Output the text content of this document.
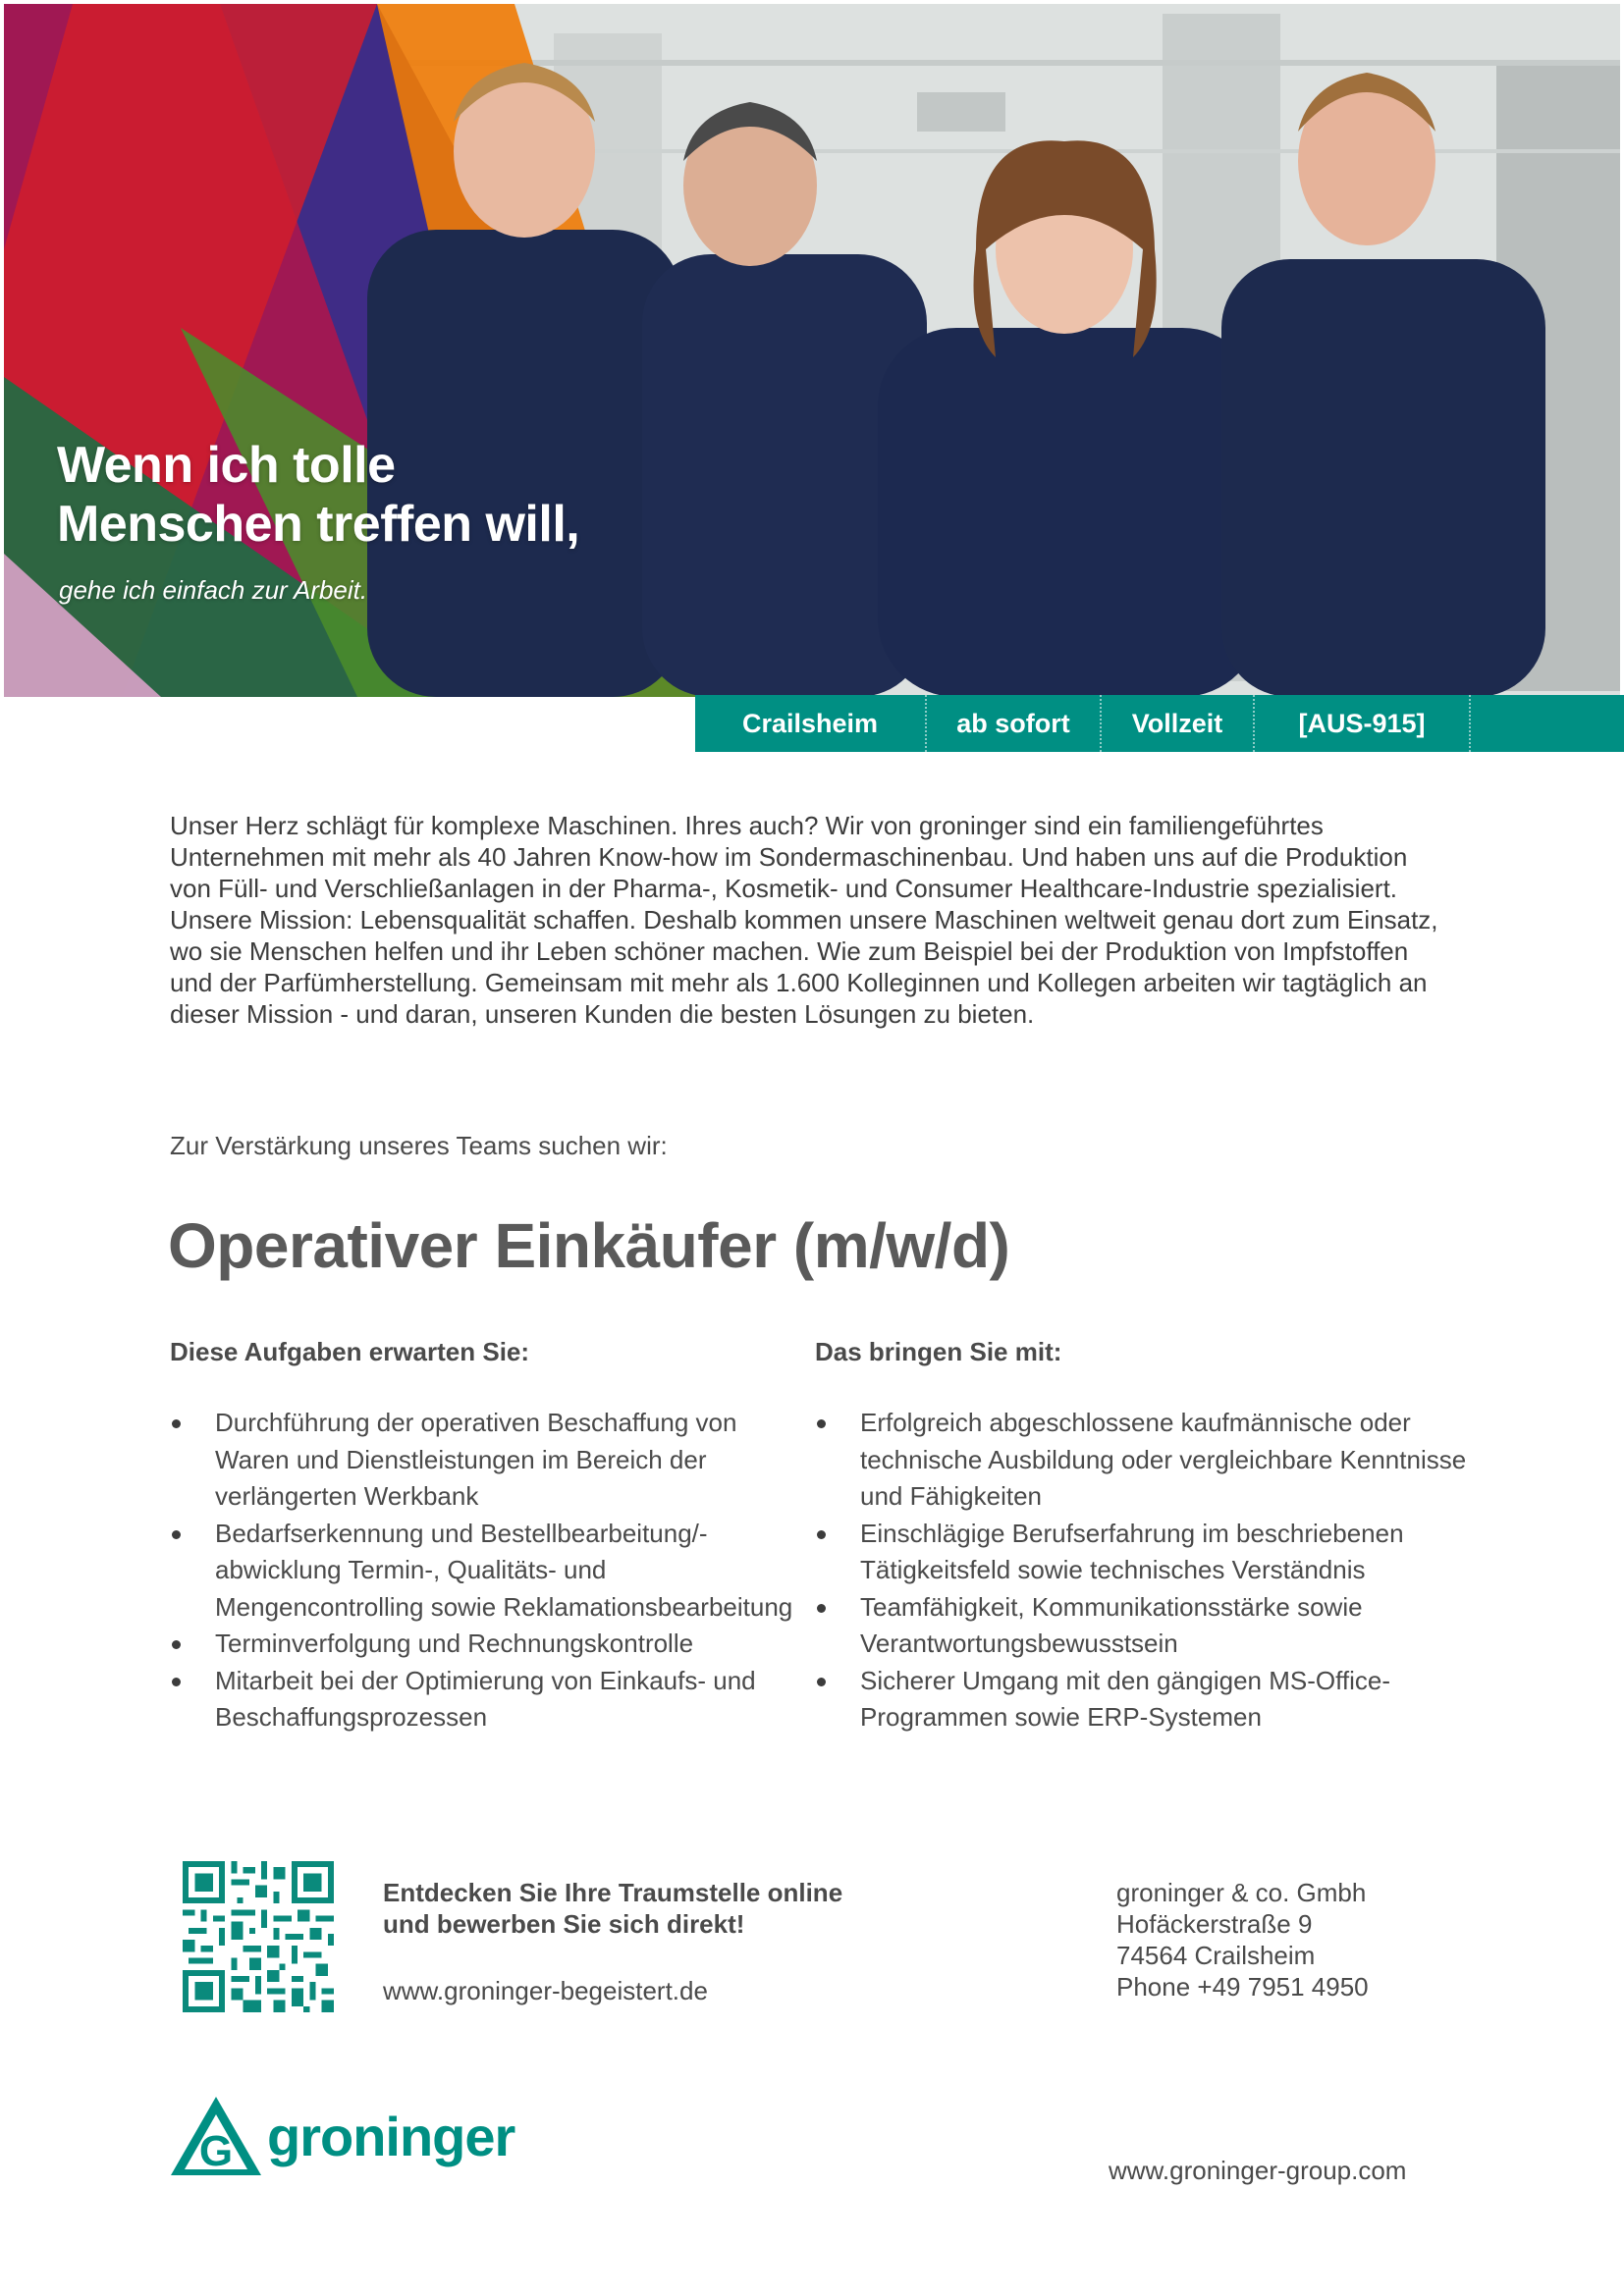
Wenn ich tolle
Menschen treffen will,
gehe ich einfach zur Arbeit.
Crailsheim	ab sofort	Vollzeit	[AUS-915]

Unser Herz schlägt für komplexe Maschinen. Ihres auch? Wir von groninger sind ein familiengeführtes Unternehmen mit mehr als 40 Jahren Know-how im Sondermaschinenbau. Und haben uns auf die Produktion von Füll- und Verschließanlagen in der Pharma-, Kosmetik- und Consumer Healthcare-Industrie spezialisiert. Unsere Mission: Lebensqualität schaffen. Deshalb kommen unsere Maschinen weltweit genau dort zum Einsatz, wo sie Menschen helfen und ihr Leben schöner machen. Wie zum Beispiel bei der Produktion von Impfstoffen und der Parfümherstellung. Gemeinsam mit mehr als 1.600 Kolleginnen und Kollegen arbeiten wir tagtäglich an dieser Mission - und daran, unseren Kunden die besten Lösungen zu bieten.

Zur Verstärkung unseres Teams suchen wir:

Operativer Einkäufer (m/w/d)
Diese Aufgaben erwarten Sie:
Durchführung der operativen Beschaffung von Waren und Dienstleistungen im Bereich der verlängerten Werkbank
Bedarfserkennung und Bestellbearbeitung/-abwicklung Termin-, Qualitäts- und Mengencontrolling sowie Reklamationsbearbeitung
Terminverfolgung und Rechnungskontrolle
Mitarbeit bei der Optimierung von Einkaufs- und Beschaffungsprozessen
Das bringen Sie mit:
Erfolgreich abgeschlossene kaufmännische oder technische Ausbildung oder vergleichbare Kenntnisse und Fähigkeiten
Einschlägige Berufserfahrung im beschriebenen Tätigkeitsfeld sowie technisches Verständnis
Teamfähigkeit, Kommunikationsstärke sowie Verantwortungsbewusstsein
Sicherer Umgang mit den gängigen MS-Office-Programmen sowie ERP-Systemen
Entdecken Sie Ihre Traumstelle online
und bewerben Sie sich direkt!
www.groninger-begeistert.de
groninger & co. Gmbh
Hofäckerstraße 9
74564 Crailsheim
Phone +49 7951 4950
G groninger
www.groninger-group.com
